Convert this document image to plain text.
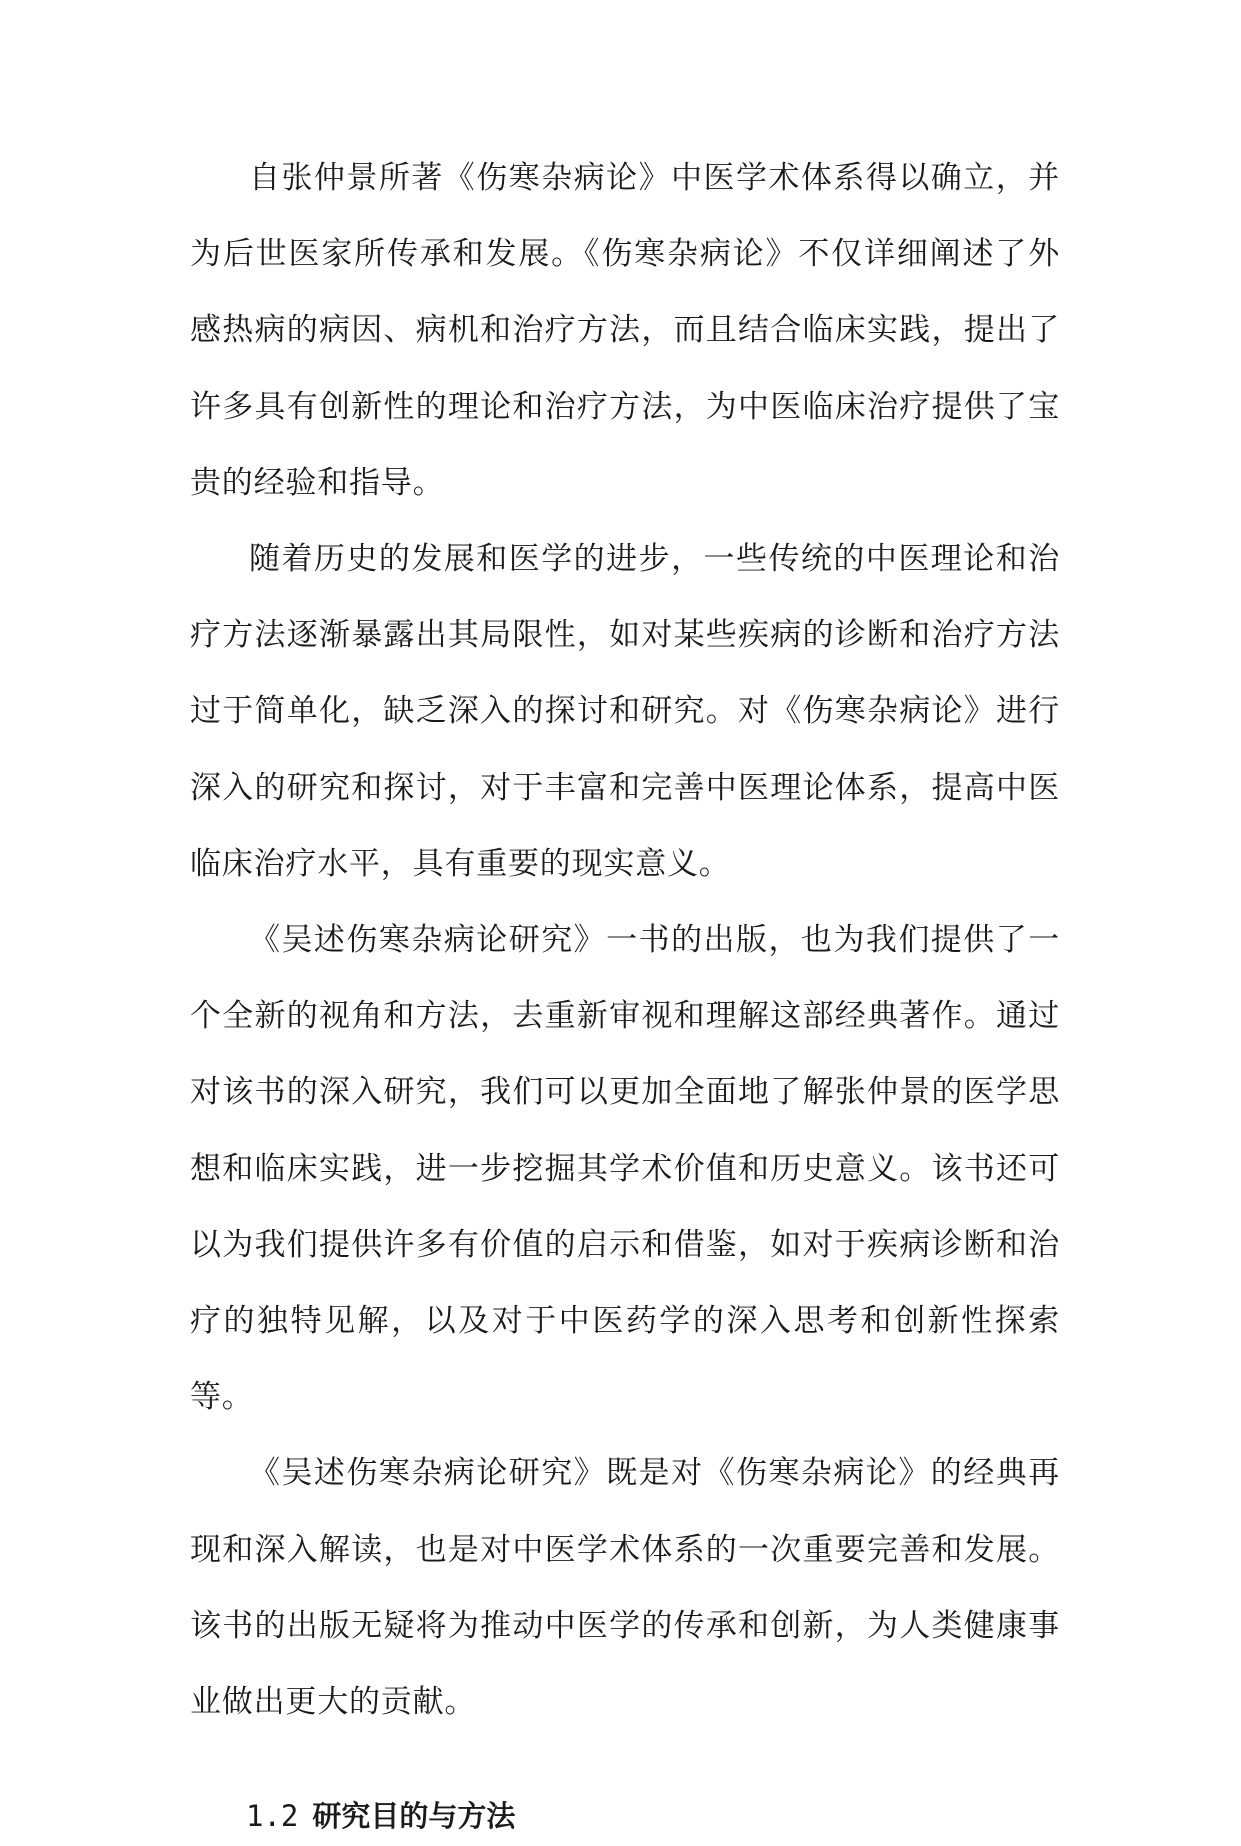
自张仲景所著《伤寒杂病论》中医学术体系得以确立，并为后世医家所传承和发展。《伤寒杂病论》不仅详细阐述了外感热病的病因、病机和治疗方法，而且结合临床实践，提出了许多具有创新性的理论和治疗方法，为中医临床治疗提供了宝贵的经验和指导。

随着历史的发展和医学的进步，一些传统的中医理论和治疗方法逐渐暴露出其局限性，如对某些疾病的诊断和治疗方法过于简单化，缺乏深入的探讨和研究。对《伤寒杂病论》进行深入的研究和探讨，对于丰富和完善中医理论体系，提高中医临床治疗水平，具有重要的现实意义。

《吴述伤寒杂病论研究》一书的出版，也为我们提供了一个全新的视角和方法，去重新审视和理解这部经典著作。通过对该书的深入研究，我们可以更加全面地了解张仲景的医学思想和临床实践，进一步挖掘其学术价值和历史意义。该书还可以为我们提供许多有价值的启示和借鉴，如对于疾病诊断和治疗的独特见解，以及对于中医药学的深入思考和创新性探索等。

《吴述伤寒杂病论研究》既是对《伤寒杂病论》的经典再现和深入解读，也是对中医学术体系的一次重要完善和发展。该书的出版无疑将为推动中医学的传承和创新，为人类健康事业做出更大的贡献。

1.2 研究目的与方法
